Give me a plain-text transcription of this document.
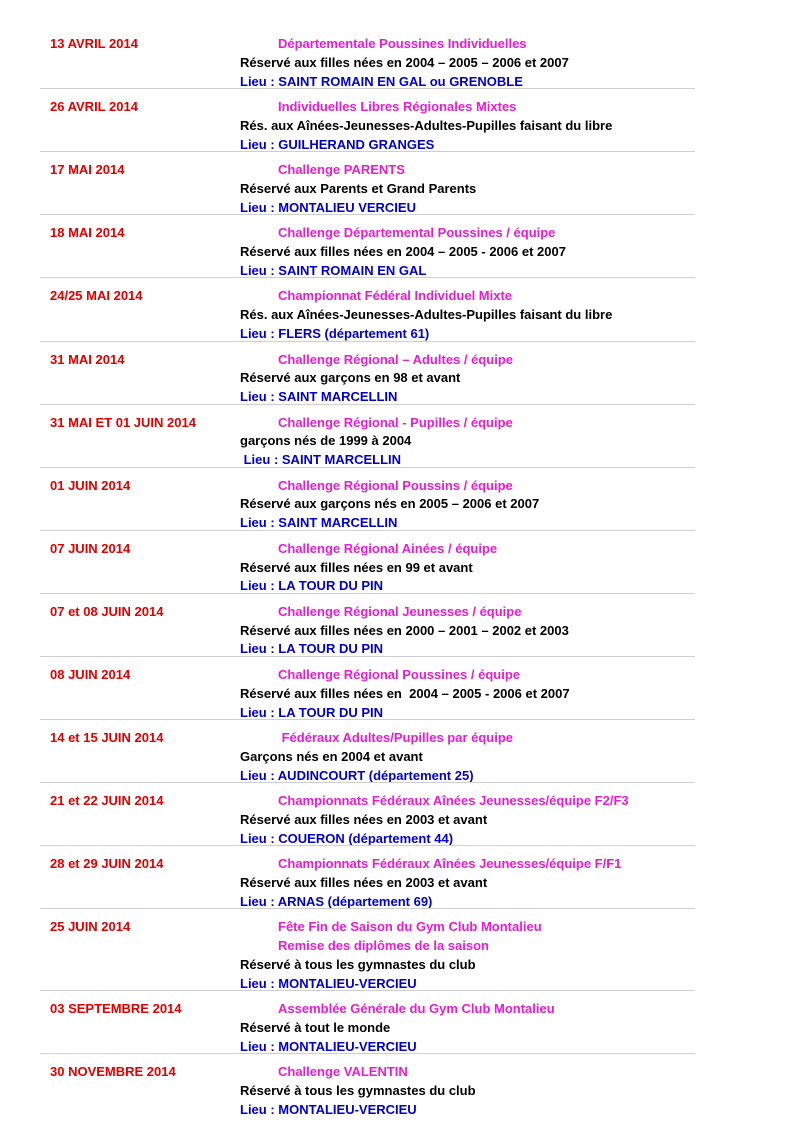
13 AVRIL 2014	Départementale Poussines Individuelles
Réservé aux filles nées en 2004 – 2005 – 2006 et 2007
Lieu : SAINT ROMAIN EN GAL ou GRENOBLE
26 AVRIL 2014	Individuelles Libres Régionales Mixtes
Rés. aux Aînées-Jeunesses-Adultes-Pupilles faisant du libre
Lieu : GUILHERAND GRANGES
17 MAI 2014	Challenge PARENTS
Réservé aux Parents et Grand Parents
Lieu : MONTALIEU VERCIEU
18 MAI 2014	Challenge Départemental Poussines / équipe
Réservé aux filles nées en 2004 – 2005 - 2006 et 2007
Lieu : SAINT ROMAIN EN GAL
24/25 MAI 2014	Championnat Fédéral Individuel Mixte
Rés. aux Aînées-Jeunesses-Adultes-Pupilles faisant du libre
Lieu : FLERS (département 61)
31 MAI 2014	Challenge Régional – Adultes / équipe
Réservé aux garçons en 98 et avant
Lieu : SAINT MARCELLIN
31 MAI ET 01 JUIN 2014	Challenge Régional - Pupilles / équipe
garçons nés de 1999 à 2004
Lieu : SAINT MARCELLIN
01 JUIN 2014	Challenge Régional Poussins / équipe
Réservé aux garçons nés en 2005 – 2006 et 2007
Lieu : SAINT MARCELLIN
07 JUIN 2014	Challenge Régional Ainées / équipe
Réservé aux filles nées en 99 et avant
Lieu : LA TOUR DU PIN
07 et 08 JUIN 2014	Challenge Régional Jeunesses / équipe
Réservé aux filles nées en 2000 – 2001 – 2002 et 2003
Lieu : LA TOUR DU PIN
08 JUIN 2014	Challenge Régional Poussines / équipe
Réservé aux filles nées en  2004 – 2005 - 2006 et 2007
Lieu : LA TOUR DU PIN
14 et 15 JUIN 2014	Fédéraux Adultes/Pupilles par équipe
Garçons nés en 2004 et avant
Lieu : AUDINCOURT (département 25)
21 et 22 JUIN 2014	Championnats Fédéraux Aînées Jeunesses/équipe F2/F3
Réservé aux filles nées en 2003 et avant
Lieu : COUERON (département 44)
28 et 29 JUIN 2014	Championnats Fédéraux Aînées Jeunesses/équipe F/F1
Réservé aux filles nées en 2003 et avant
Lieu : ARNAS (département 69)
25 JUIN 2014	Fête Fin de Saison du Gym Club Montalieu
Remise des diplômes de la saison
Réservé à tous les gymnastes du club
Lieu : MONTALIEU-VERCIEU
03 SEPTEMBRE 2014	Assemblée Générale du Gym Club Montalieu
Réservé à tout le monde
Lieu : MONTALIEU-VERCIEU
30 NOVEMBRE 2014	Challenge VALENTIN
Réservé à tous les gymnastes du club
Lieu : MONTALIEU-VERCIEU
